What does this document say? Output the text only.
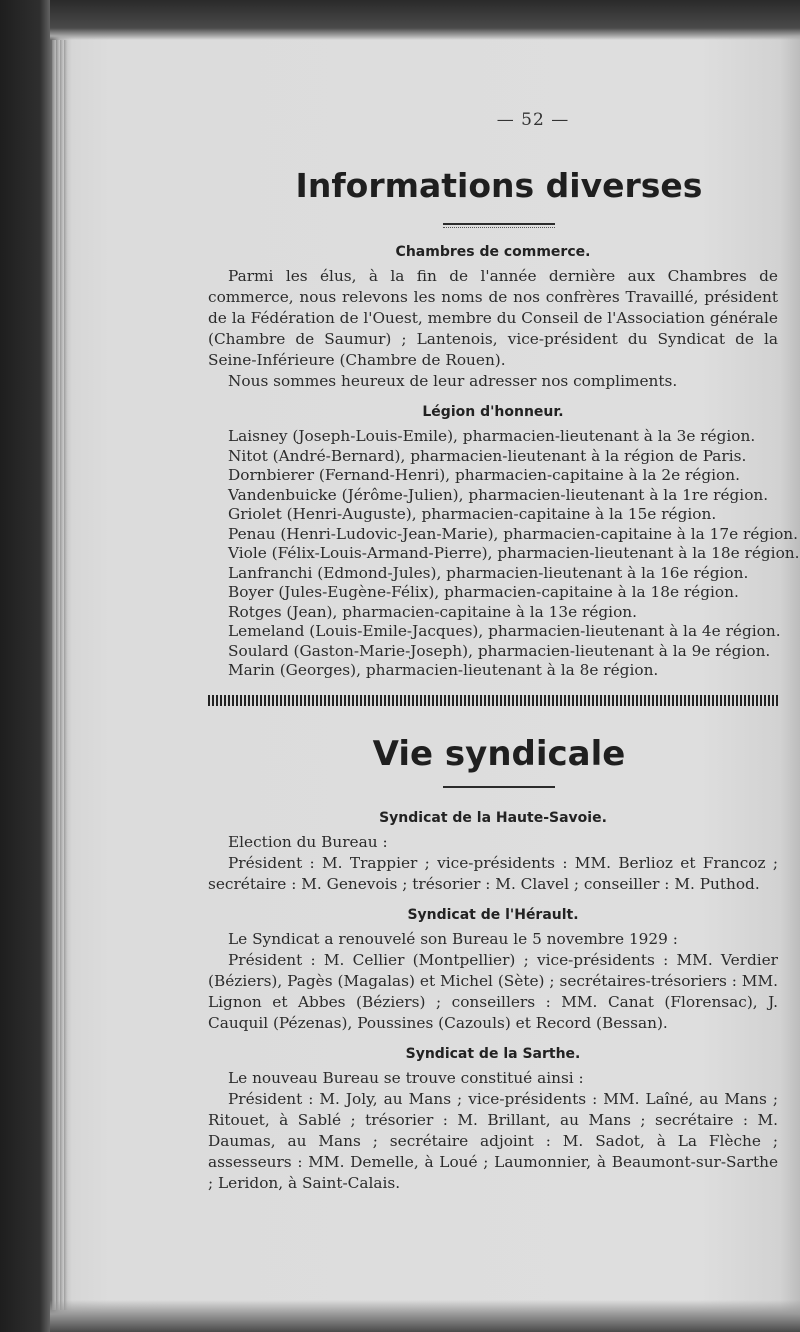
— 52 —
Informations diverses
Chambres de commerce.

Parmi les élus, à la fin de l'année dernière aux Chambres de commerce, nous relevons les noms de nos confrères Travaillé, président de la Fédération de l'Ouest, membre du Conseil de l'Association générale (Chambre de Saumur) ; Lantenois, vice-président du Syndicat de la Seine-Inférieure (Chambre de Rouen).

Nous sommes heureux de leur adresser nos compliments.

Légion d'honneur.

Laisney (Joseph-Louis-Emile), pharmacien-lieutenant à la 3e région.

Nitot (André-Bernard), pharmacien-lieutenant à la région de Paris.

Dornbierer (Fernand-Henri), pharmacien-capitaine à la 2e région.

Vandenbuicke (Jérôme-Julien), pharmacien-lieutenant à la 1re région.

Griolet (Henri-Auguste), pharmacien-capitaine à la 15e région.

Penau (Henri-Ludovic-Jean-Marie), pharmacien-capitaine à la 17e région.

Viole (Félix-Louis-Armand-Pierre), pharmacien-lieutenant à la 18e région.

Lanfranchi (Edmond-Jules), pharmacien-lieutenant à la 16e région.

Boyer (Jules-Eugène-Félix), pharmacien-capitaine à la 18e région.

Rotges (Jean), pharmacien-capitaine à la 13e région.

Lemeland (Louis-Emile-Jacques), pharmacien-lieutenant à la 4e région.

Soulard (Gaston-Marie-Joseph), pharmacien-lieutenant à la 9e région.

Marin (Georges), pharmacien-lieutenant à la 8e région.

Vie syndicale
Syndicat de la Haute-Savoie.

Election du Bureau :

Président : M. Trappier ; vice-présidents : MM. Berlioz et Francoz ; secrétaire : M. Genevois ; trésorier : M. Clavel ; conseiller : M. Puthod.

Syndicat de l'Hérault.

Le Syndicat a renouvelé son Bureau le 5 novembre 1929 :

Président : M. Cellier (Montpellier) ; vice-présidents : MM. Verdier (Béziers), Pagès (Magalas) et Michel (Sète) ; secrétaires-trésoriers : MM. Lignon et Abbes (Béziers) ; conseillers : MM. Canat (Florensac), J. Cauquil (Pézenas), Poussines (Cazouls) et Record (Bessan).

Syndicat de la Sarthe.

Le nouveau Bureau se trouve constitué ainsi :

Président : M. Joly, au Mans ; vice-présidents : MM. Laîné, au Mans ; Ritouet, à Sablé ; trésorier : M. Brillant, au Mans ; secrétaire : M. Daumas, au Mans ; secrétaire adjoint : M. Sadot, à La Flèche ; assesseurs : MM. Demelle, à Loué ; Laumonnier, à Beaumont-sur-Sarthe ; Leridon, à Saint-Calais.
